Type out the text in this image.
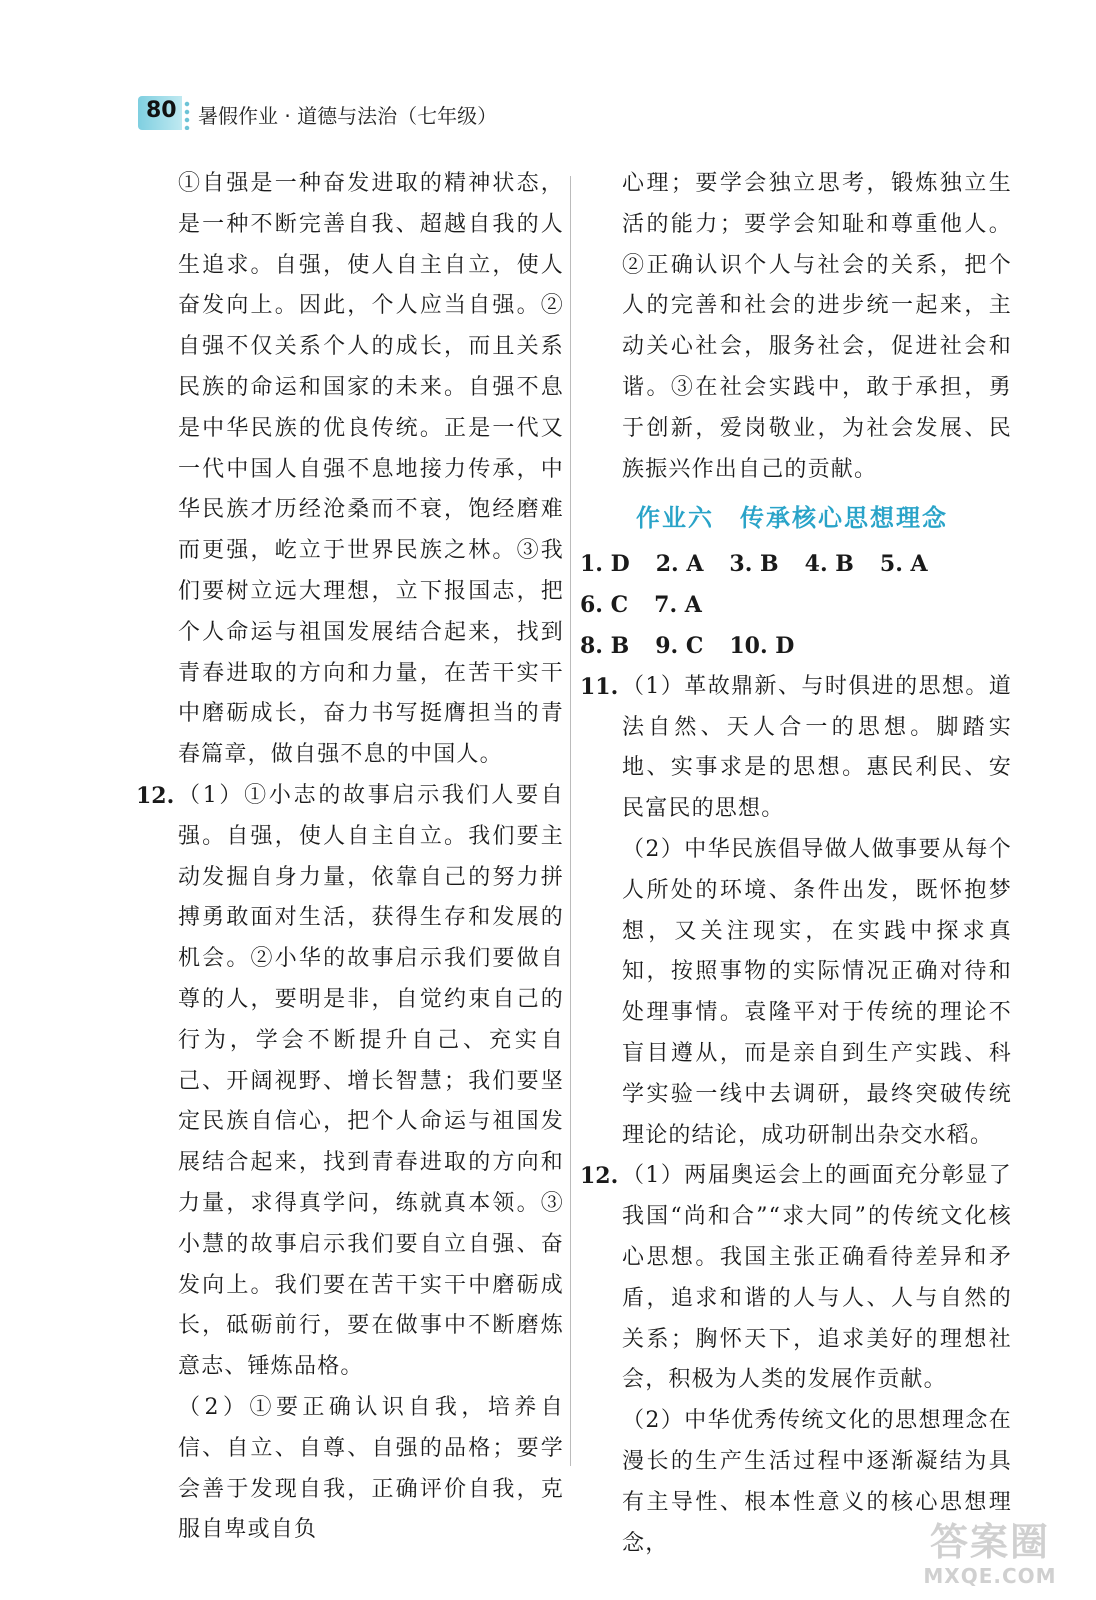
80 暑假作业 · 道德与法治（七年级）

①自强是一种奋发进取的精神状态，是一种不断完善自我、超越自我的人生追求。自强，使人自主自立，使人奋发向上。因此，个人应当自强。②自强不仅关系个人的成长，而且关系民族的命运和国家的未来。自强不息是中华民族的优良传统。正是一代又一代中国人自强不息地接力传承，中华民族才历经沧桑而不衰，饱经磨难而更强，屹立于世界民族之林。③我们要树立远大理想，立下报国志，把个人命运与祖国发展结合起来，找到青春进取的方向和力量，在苦干实干中磨砺成长，奋力书写挺膺担当的青春篇章，做自强不息的中国人。

12. （1）①小志的故事启示我们人要自强。自强，使人自主自立。我们要主动发掘自身力量，依靠自己的努力拼搏勇敢面对生活，获得生存和发展的机会。②小华的故事启示我们要做自尊的人，要明是非，自觉约束自己的行为，学会不断提升自己、充实自己、开阔视野、增长智慧；我们要坚定民族自信心，把个人命运与祖国发展结合起来，找到青春进取的方向和力量，求得真学问，练就真本领。③小慧的故事启示我们要自立自强、奋发向上。我们要在苦干实干中磨砺成长，砥砺前行，要在做事中不断磨炼意志、锤炼品格。

（2）①要正确认识自我，培养自信、自立、自尊、自强的品格；要学会善于发现自我，正确评价自我，克服自卑或自负

心理；要学会独立思考，锻炼独立生活的能力；要学会知耻和尊重他人。②正确认识个人与社会的关系，把个人的完善和社会的进步统一起来，主动关心社会，服务社会，促进社会和谐。③在社会实践中，敢于承担，勇于创新，爱岗敬业，为社会发展、民族振兴作出自己的贡献。

作业六　传承核心思想理念

1. D 2. A 3. B 4. B 5. A6. C 7. A

8. B 9. C 10. D

11. （1）革故鼎新、与时俱进的思想。道法自然、天人合一的思想。脚踏实地、实事求是的思想。惠民利民、安民富民的思想。

（2）中华民族倡导做人做事要从每个人所处的环境、条件出发，既怀抱梦想，又关注现实，在实践中探求真知，按照事物的实际情况正确对待和处理事情。袁隆平对于传统的理论不盲目遵从，而是亲自到生产实践、科学实验一线中去调研，最终突破传统理论的结论，成功研制出杂交水稻。

12. （1）两届奥运会上的画面充分彰显了我国“尚和合”“求大同”的传统文化核心思想。我国主张正确看待差异和矛盾，追求和谐的人与人、人与自然的关系；胸怀天下，追求美好的理想社会，积极为人类的发展作贡献。

（2）中华优秀传统文化的思想理念在漫长的生产生活过程中逐渐凝结为具有主导性、根本性意义的核心思想理念，	答案圈
MXQE.COM
